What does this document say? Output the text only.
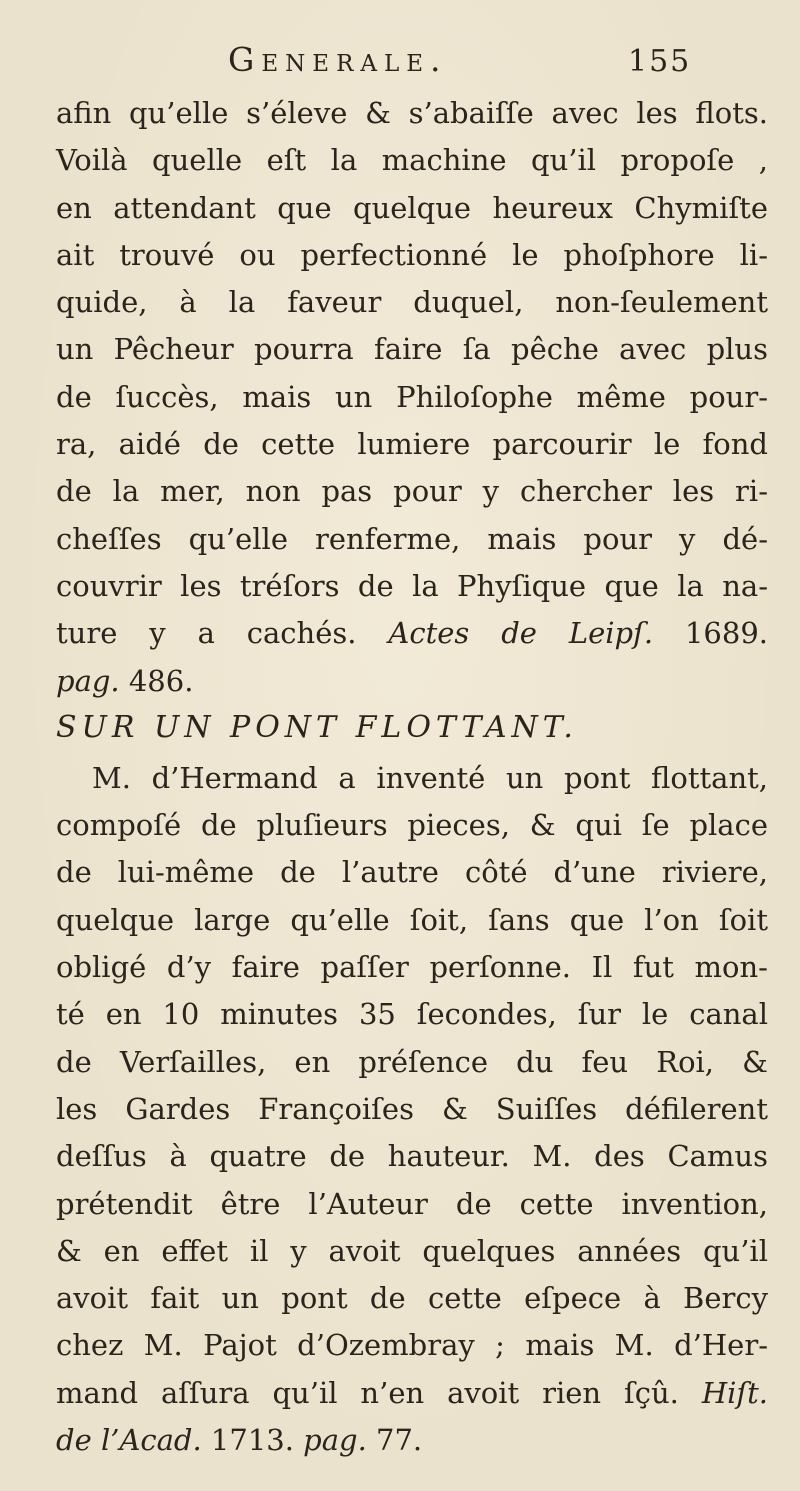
Generale.	155
afin qu’elle s’éleve & s’abaiſſe avec les flots.
Voilà quelle eſt la machine qu’il propoſe ,
en attendant que quelque heureux Chymiſte
ait trouvé ou perfectionné le phoſphore li-
quide, à la faveur duquel, non-ſeulement
un Pêcheur pourra faire ſa pêche avec plus
de ſuccès, mais un Philoſophe même pour-
ra, aidé de cette lumiere parcourir le fond
de la mer, non pas pour y chercher les ri-
cheſſes qu’elle renferme, mais pour y dé-
couvrir les tréſors de la Phyſique que la na-
ture y a cachés. Actes de Leipſ. 1689.
pag. 486.
SUR UN PONT FLOTTANT.
M. d’Hermand a inventé un pont flottant,
compoſé de pluſieurs pieces, & qui ſe place
de lui-même de l’autre côté d’une riviere,
quelque large qu’elle ſoit, ſans que l’on ſoit
obligé d’y faire paſſer perſonne. Il fut mon-
té en 10 minutes 35 ſecondes, ſur le canal
de Verſailles, en préſence du feu Roi, &
les Gardes Françoiſes & Suiſſes défilerent
deſſus à quatre de hauteur. M. des Camus
prétendit être l’Auteur de cette invention,
& en effet il y avoit quelques années qu’il
avoit fait un pont de cette eſpece à Bercy
chez M. Pajot d’Ozembray ; mais M. d’Her-
mand aſſura qu’il n’en avoit rien ſçû. Hiſt.
de l’Acad. 1713. pag. 77.
